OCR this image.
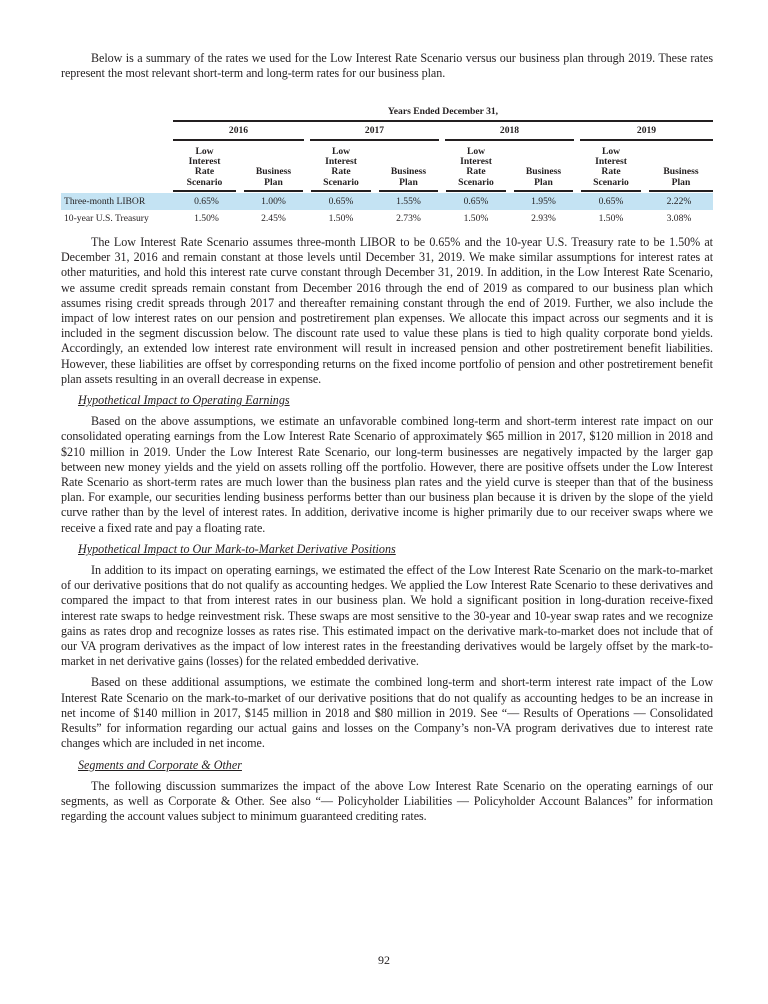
Below is a summary of the rates we used for the Low Interest Rate Scenario versus our business plan through 2019. These rates represent the most relevant short-term and long-term rates for our business plan.

	Years Ended December 31,							

	2016		2017		2018		2019	

	Low
Interest
Rate
Scenario	Business
Plan	Low
Interest
Rate
Scenario	Business
Plan	Low
Interest
Rate
Scenario	Business
Plan	Low
Interest
Rate
Scenario	Business
Plan

Three-month LIBOR	0.65%	1.00%	0.65%	1.55%	0.65%	1.95%	0.65%	2.22%
10-year U.S. Treasury	1.50%	2.45%	1.50%	2.73%	1.50%	2.93%	1.50%	3.08%

The Low Interest Rate Scenario assumes three-month LIBOR to be 0.65% and the 10-year U.S. Treasury rate to be 1.50% at December 31, 2016 and remain constant at those levels until December 31, 2019. We make similar assumptions for interest rates at other maturities, and hold this interest rate curve constant through December 31, 2019. In addition, in the Low Interest Rate Scenario, we assume credit spreads remain constant from December 2016 through the end of 2019 as compared to our business plan which assumes rising credit spreads through 2017 and thereafter remaining constant through the end of 2019. Further, we also include the impact of low interest rates on our pension and postretirement plan expenses. We allocate this impact across our segments and it is included in the segment discussion below. The discount rate used to value these plans is tied to high quality corporate bond yields. Accordingly, an extended low interest rate environment will result in increased pension and other postretirement benefit liabilities. However, these liabilities are offset by corresponding returns on the fixed income portfolio of pension and other postretirement benefit plan assets resulting in an overall decrease in expense.

Hypothetical Impact to Operating Earnings

Based on the above assumptions, we estimate an unfavorable combined long-term and short-term interest rate impact on our consolidated operating earnings from the Low Interest Rate Scenario of approximately $65 million in 2017, $120 million in 2018 and $210 million in 2019. Under the Low Interest Rate Scenario, our long-term businesses are negatively impacted by the larger gap between new money yields and the yield on assets rolling off the portfolio. However, there are positive offsets under the Low Interest Rate Scenario as short-term rates are much lower than the business plan rates and the yield curve is steeper than that of the business plan. For example, our securities lending business performs better than our business plan because it is driven by the slope of the yield curve rather than by the level of interest rates. In addition, derivative income is higher primarily due to our receiver swaps where we receive a fixed rate and pay a floating rate.

Hypothetical Impact to Our Mark-to-Market Derivative Positions

In addition to its impact on operating earnings, we estimated the effect of the Low Interest Rate Scenario on the mark-to-market of our derivative positions that do not qualify as accounting hedges. We applied the Low Interest Rate Scenario to these derivatives and compared the impact to that from interest rates in our business plan. We hold a significant position in long-duration receive-fixed interest rate swaps to hedge reinvestment risk. These swaps are most sensitive to the 30-year and 10-year swap rates and we recognize gains as rates drop and recognize losses as rates rise. This estimated impact on the derivative mark-to-market does not include that of our VA program derivatives as the impact of low interest rates in the freestanding derivatives would be largely offset by the mark-to-market in net derivative gains (losses) for the related embedded derivative.

Based on these additional assumptions, we estimate the combined long-term and short-term interest rate impact of the Low Interest Rate Scenario on the mark-to-market of our derivative positions that do not qualify as accounting hedges to be an increase in net income of $140 million in 2017, $145 million in 2018 and $80 million in 2019. See “— Results of Operations — Consolidated Results” for information regarding our actual gains and losses on the Company’s non-VA program derivatives due to interest rate changes which are included in net income.

Segments and Corporate & Other

The following discussion summarizes the impact of the above Low Interest Rate Scenario on the operating earnings of our segments, as well as Corporate & Other. See also “— Policyholder Liabilities — Policyholder Account Balances” for information regarding the account values subject to minimum guaranteed crediting rates.

92
